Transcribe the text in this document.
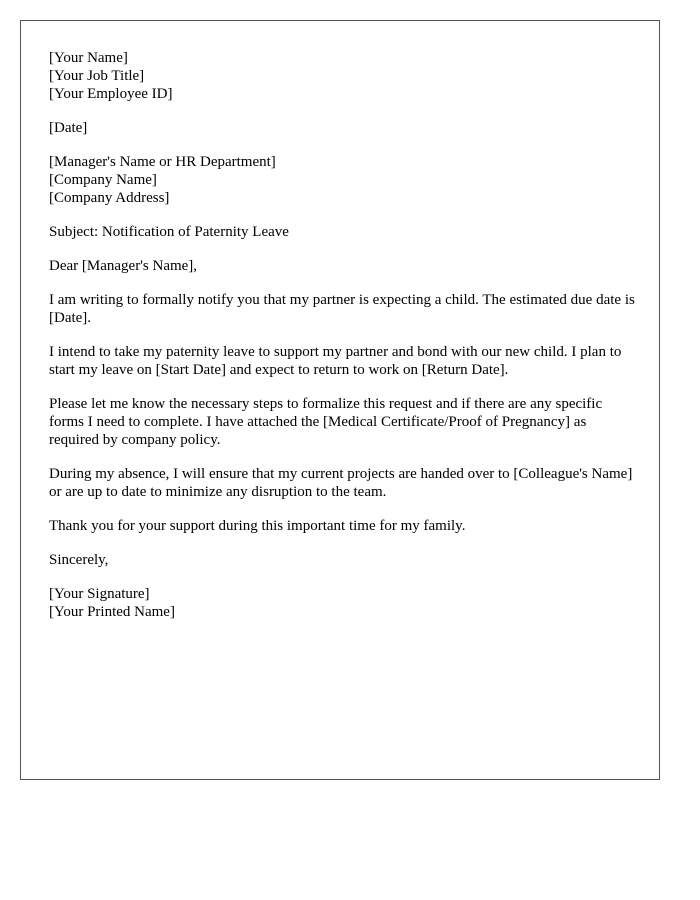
[Your Name]
[Your Job Title]
[Your Employee ID]
[Date]
[Manager's Name or HR Department]
[Company Name]
[Company Address]

Subject: Notification of Paternity Leave

Dear [Manager's Name],

I am writing to formally notify you that my partner is expecting a child. The estimated due date is [Date].

I intend to take my paternity leave to support my partner and bond with our new child. I plan to start my leave on [Start Date] and expect to return to work on [Return Date].

Please let me know the necessary steps to formalize this request and if there are any specific forms I need to complete. I have attached the [Medical Certificate/Proof of Pregnancy] as required by company policy.

During my absence, I will ensure that my current projects are handed over to [Colleague's Name] or are up to date to minimize any disruption to the team.

Thank you for your support during this important time for my family.

Sincerely,

[Your Signature]
[Your Printed Name]
